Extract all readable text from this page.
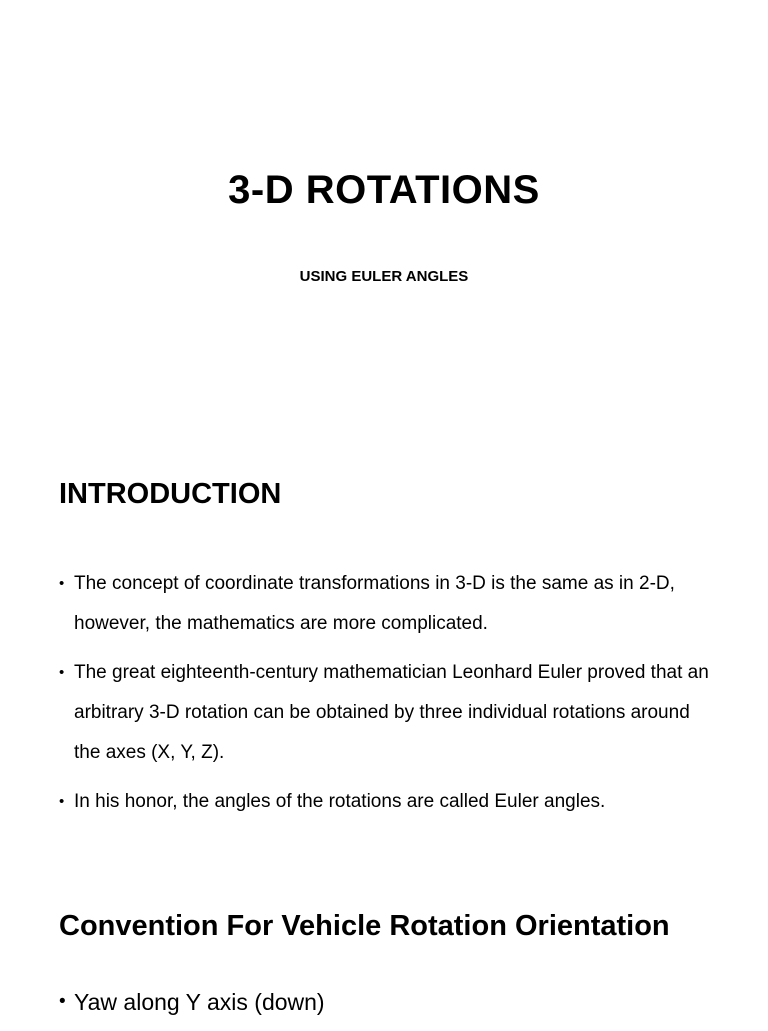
3-D ROTATIONS
USING EULER ANGLES
INTRODUCTION
• The concept of coordinate transformations in 3-D is the same as in 2-D, however, the mathematics are more complicated.
• The great eighteenth-century mathematician Leonhard Euler proved that an arbitrary 3-D rotation can be obtained by three individual rotations around the axes (X, Y, Z).
• In his honor, the angles of the rotations are called Euler angles.
Convention For Vehicle Rotation Orientation
• Yaw along Y axis (down)
